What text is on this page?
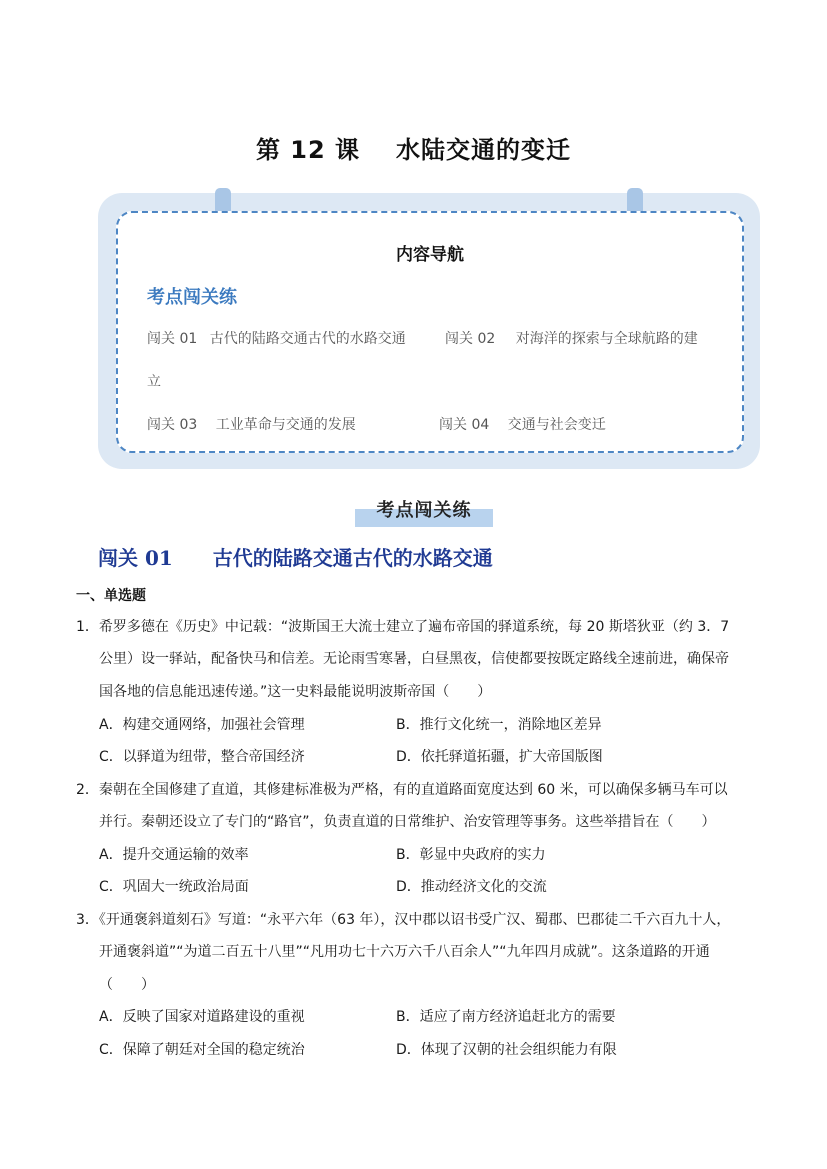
第 12 课 水陆交通的变迁
内容导航
考点闯关练
闯关 01 古代的陆路交通古代的水路交通	闯关 02 对海洋的探索与全球航路的建
立
闯关 03 工业革命与交通的发展	闯关 04 交通与社会变迁
考点闯关练
闯关 01 古代的陆路交通古代的水路交通
一、单选题
1．希罗多德在《历史》中记载：“波斯国王大流士建立了遍布帝国的驿道系统，每 20 斯塔狄亚（约 3．7
公里）设一驿站，配备快马和信差。无论雨雪寒暑，白昼黑夜，信使都要按既定路线全速前进，确保帝
国各地的信息能迅速传递。”这一史料最能说明波斯帝国（　　）
A．构建交通网络，加强社会管理	B．推行文化统一，消除地区差异
C．以驿道为纽带，整合帝国经济	D．依托驿道拓疆，扩大帝国版图
2．秦朝在全国修建了直道，其修建标准极为严格，有的直道路面宽度达到 60 米，可以确保多辆马车可以
并行。秦朝还设立了专门的“路官”，负责直道的日常维护、治安管理等事务。这些举措旨在（　　）
A．提升交通运输的效率	B．彰显中央政府的实力
C．巩固大一统政治局面	D．推动经济文化的交流
3．《开通褒斜道刻石》写道：“永平六年（63 年），汉中郡以诏书受广汉、蜀郡、巴郡徒二千六百九十人，
开通褒斜道”“为道二百五十八里”“凡用功七十六万六千八百余人”“九年四月成就”。这条道路的开通
（　　）
A．反映了国家对道路建设的重视	B．适应了南方经济追赶北方的需要
C．保障了朝廷对全国的稳定统治	D．体现了汉朝的社会组织能力有限
